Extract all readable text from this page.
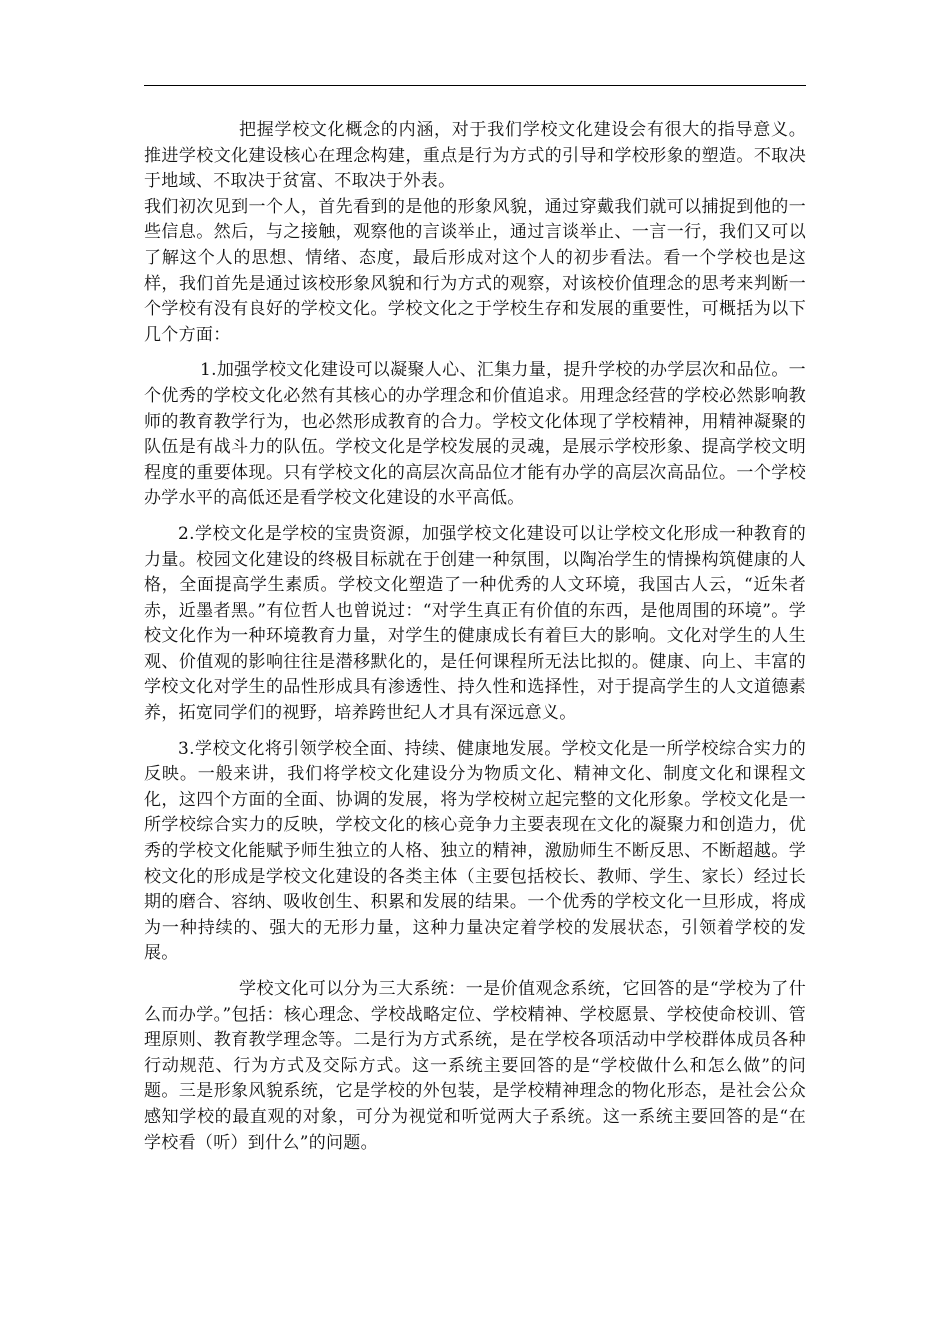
把握学校文化概念的内涵，对于我们学校文化建设会有很大的指导意义。推进学校文化建设核心在理念构建，重点是行为方式的引导和学校形象的塑造。不取决于地域、不取决于贫富、不取决于外表。

我们初次见到一个人，首先看到的是他的形象风貌，通过穿戴我们就可以捕捉到他的一些信息。然后，与之接触，观察他的言谈举止，通过言谈举止、一言一行，我们又可以了解这个人的思想、情绪、态度，最后形成对这个人的初步看法。看一个学校也是这样，我们首先是通过该校形象风貌和行为方式的观察，对该校价值理念的思考来判断一个学校有没有良好的学校文化。学校文化之于学校生存和发展的重要性，可概括为以下几个方面：

1.加强学校文化建设可以凝聚人心、汇集力量，提升学校的办学层次和品位。一个优秀的学校文化必然有其核心的办学理念和价值追求。用理念经营的学校必然影响教师的教育教学行为，也必然形成教育的合力。学校文化体现了学校精神，用精神凝聚的队伍是有战斗力的队伍。学校文化是学校发展的灵魂，是展示学校形象、提高学校文明程度的重要体现。只有学校文化的高层次高品位才能有办学的高层次高品位。一个学校办学水平的高低还是看学校文化建设的水平高低。

2.学校文化是学校的宝贵资源，加强学校文化建设可以让学校文化形成一种教育的力量。校园文化建设的终极目标就在于创建一种氛围，以陶冶学生的情操构筑健康的人格，全面提高学生素质。学校文化塑造了一种优秀的人文环境，我国古人云，“近朱者赤，近墨者黑。”有位哲人也曾说过：“对学生真正有价值的东西，是他周围的环境”。学校文化作为一种环境教育力量，对学生的健康成长有着巨大的影响。文化对学生的人生观、价值观的影响往往是潜移默化的，是任何课程所无法比拟的。健康、向上、丰富的学校文化对学生的品性形成具有渗透性、持久性和选择性，对于提高学生的人文道德素养，拓宽同学们的视野，培养跨世纪人才具有深远意义。

3.学校文化将引领学校全面、持续、健康地发展。学校文化是一所学校综合实力的反映。一般来讲，我们将学校文化建设分为物质文化、精神文化、制度文化和课程文化，这四个方面的全面、协调的发展，将为学校树立起完整的文化形象。学校文化是一所学校综合实力的反映，学校文化的核心竞争力主要表现在文化的凝聚力和创造力，优秀的学校文化能赋予师生独立的人格、独立的精神，激励师生不断反思、不断超越。学校文化的形成是学校文化建设的各类主体（主要包括校长、教师、学生、家长）经过长期的磨合、容纳、吸收创生、积累和发展的结果。一个优秀的学校文化一旦形成，将成为一种持续的、强大的无形力量，这种力量决定着学校的发展状态，引领着学校的发展。

学校文化可以分为三大系统：一是价值观念系统，它回答的是“学校为了什么而办学。”包括：核心理念、学校战略定位、学校精神、学校愿景、学校使命校训、管理原则、教育教学理念等。二是行为方式系统，是在学校各项活动中学校群体成员各种行动规范、行为方式及交际方式。这一系统主要回答的是“学校做什么和怎么做”的问题。三是形象风貌系统，它是学校的外包装，是学校精神理念的物化形态，是社会公众感知学校的最直观的对象，可分为视觉和听觉两大子系统。这一系统主要回答的是“在学校看（听）到什么”的问题。
